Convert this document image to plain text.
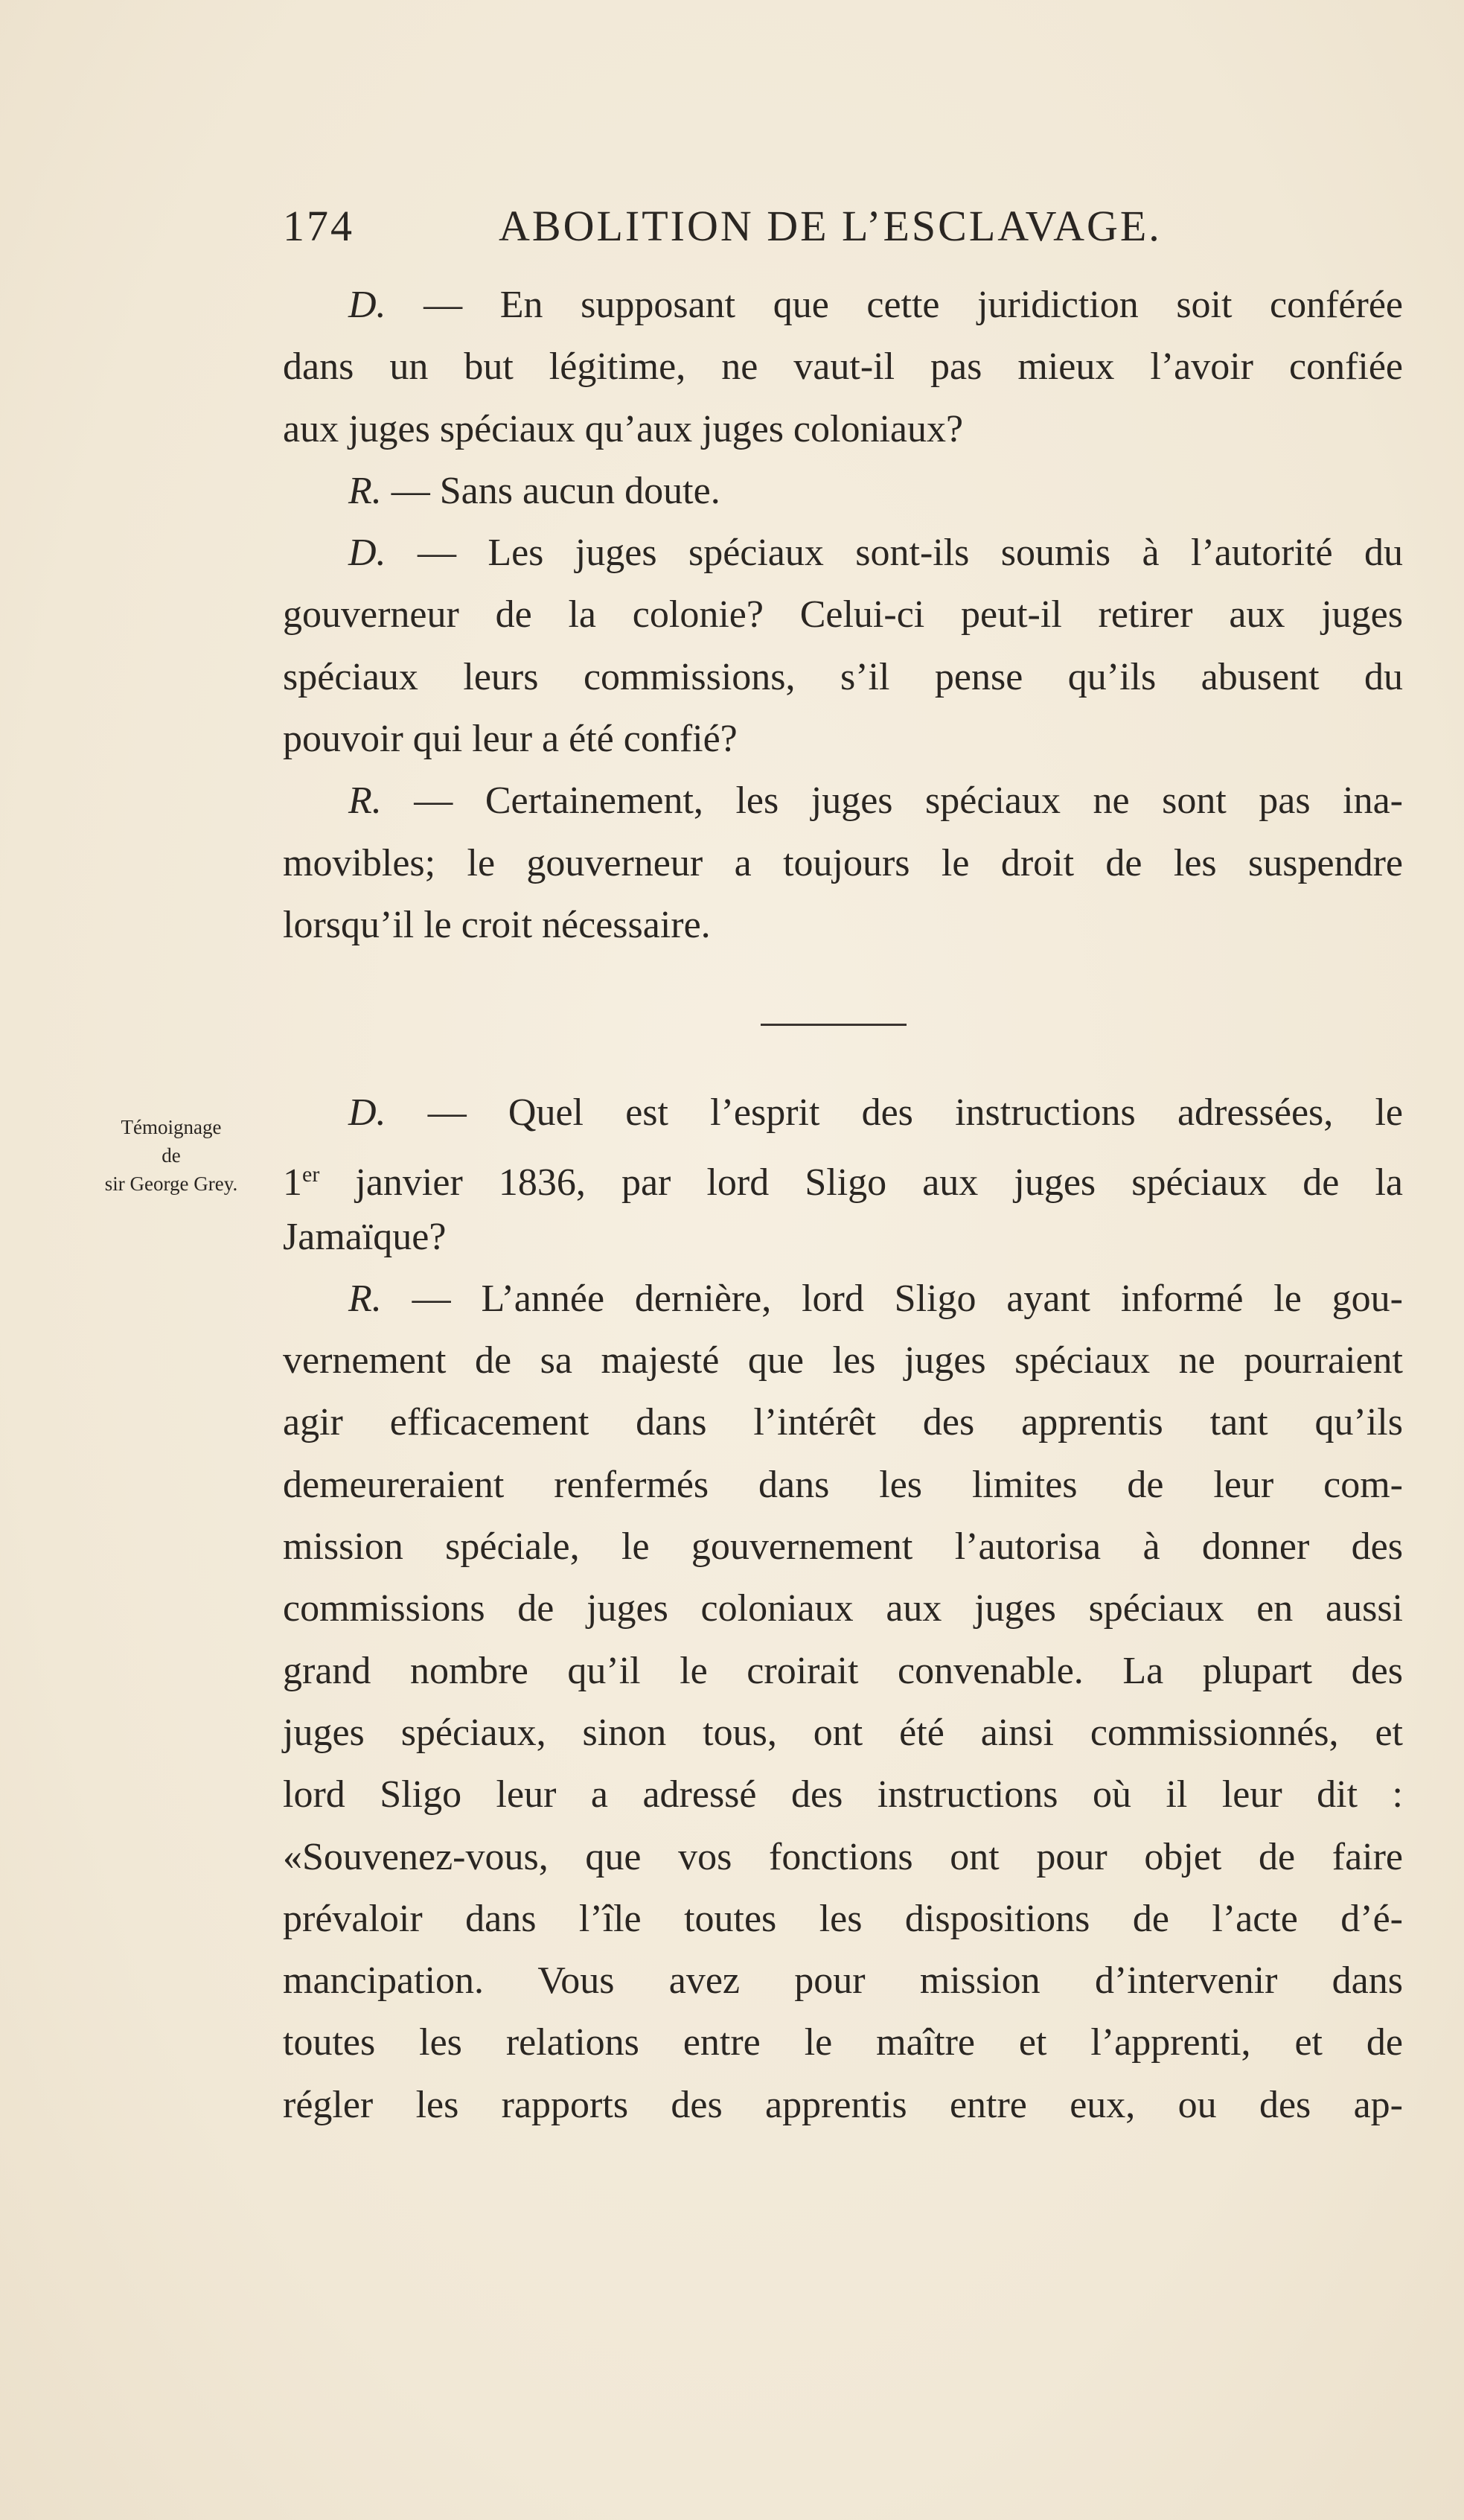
174	ABOLITION DE L’ESCLAVAGE.
D. — En supposant que cette juridiction soit conférée
dans un but légitime, ne vaut-il pas mieux l’avoir confiée
aux juges spéciaux qu’aux juges coloniaux?
R. — Sans aucun doute.
D. — Les juges spéciaux sont-ils soumis à l’autorité du
gouverneur de la colonie? Celui-ci peut-il retirer aux juges
spéciaux leurs commissions, s’il pense qu’ils abusent du
pouvoir qui leur a été confié?
R. — Certainement, les juges spéciaux ne sont pas ina-
movibles; le gouverneur a toujours le droit de les suspendre
lorsqu’il le croit nécessaire.
Témoignage
de
sir George Grey.
D. — Quel est l’esprit des instructions adressées, le
1er janvier 1836, par lord Sligo aux juges spéciaux de la
Jamaïque?
R. — L’année dernière, lord Sligo ayant informé le gou-
vernement de sa majesté que les juges spéciaux ne pourraient
agir efficacement dans l’intérêt des apprentis tant qu’ils
demeureraient renfermés dans les limites de leur com-
mission spéciale, le gouvernement l’autorisa à donner des
commissions de juges coloniaux aux juges spéciaux en aussi
grand nombre qu’il le croirait convenable. La plupart des
juges spéciaux, sinon tous, ont été ainsi commissionnés, et
lord Sligo leur a adressé des instructions où il leur dit :
«Souvenez-vous, que vos fonctions ont pour objet de faire
prévaloir dans l’île toutes les dispositions de l’acte d’é-
mancipation. Vous avez pour mission d’intervenir dans
toutes les relations entre le maître et l’apprenti, et de
régler les rapports des apprentis entre eux, ou des ap-
